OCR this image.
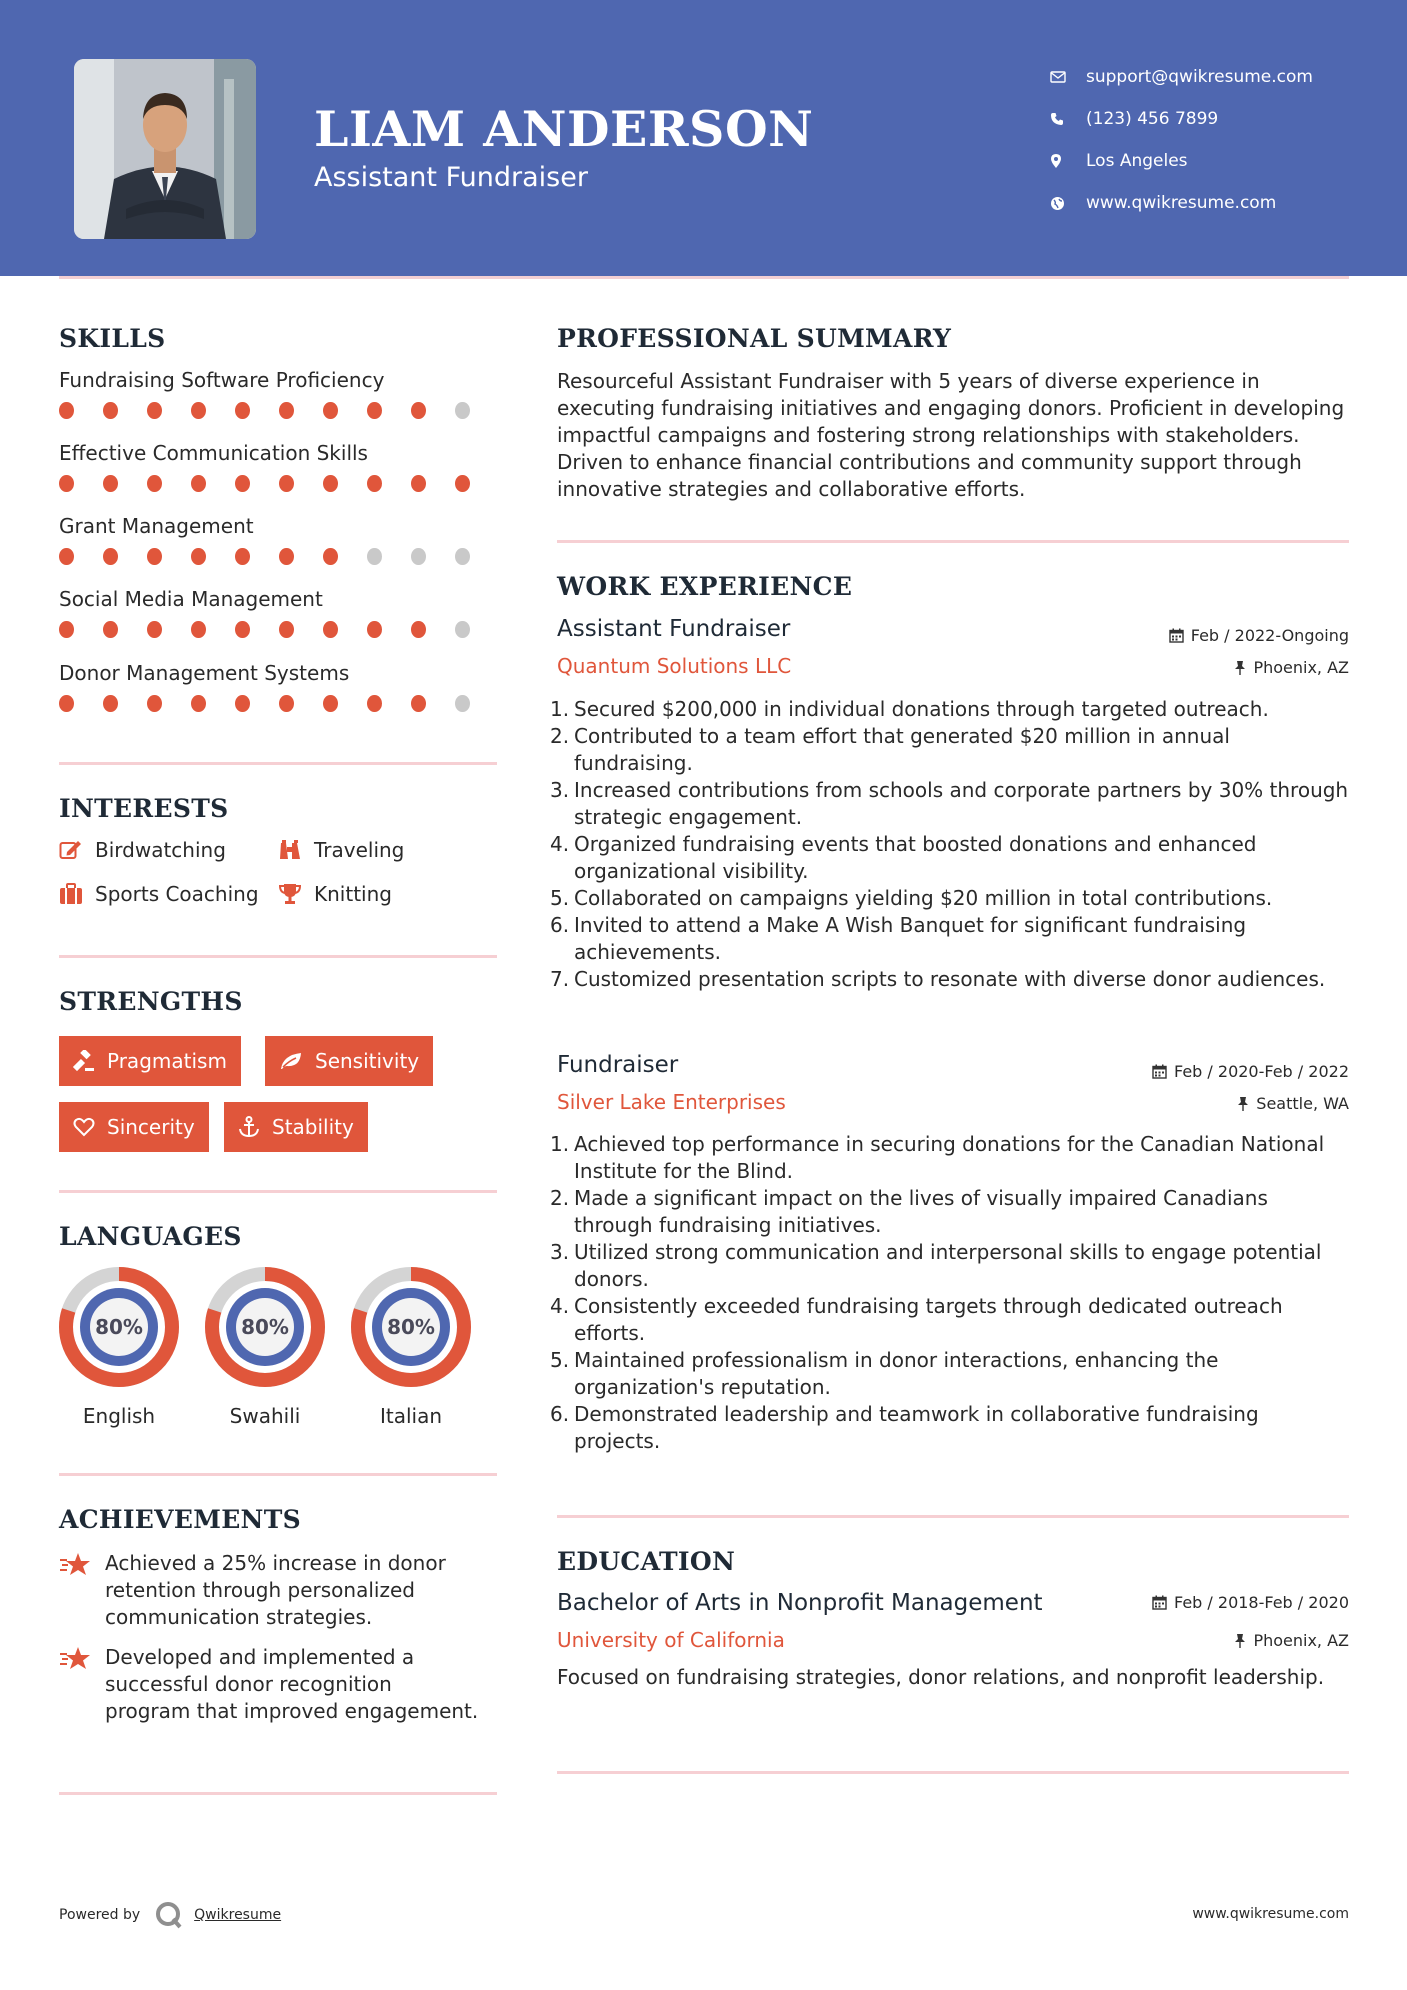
LIAM ANDERSON
Assistant Fundraiser
support@qwikresume.com
(123) 456 7899
Los Angeles
www.qwikresume.com
SKILLS
Fundraising Software Proficiency
Effective Communication Skills
Grant Management
Social Media Management
Donor Management Systems
INTERESTS
Birdwatching	Traveling
Sports Coaching	Knitting
STRENGTHS
Pragmatism	Sensitivity
Sincerity	Stability
LANGUAGES
80%
English
80%
Swahili
80%
Italian
ACHIEVEMENTS
Achieved a 25% increase in donor retention through personalized communication strategies.
Developed and implemented a successful donor recognition program that improved engagement.
PROFESSIONAL SUMMARY
Resourceful Assistant Fundraiser with 5 years of diverse experience in executing fundraising initiatives and engaging donors. Proficient in developing impactful campaigns and fostering strong relationships with stakeholders. Driven to enhance financial contributions and community support through innovative strategies and collaborative efforts.
WORK EXPERIENCE
Assistant Fundraiser	Feb / 2022-Ongoing
Quantum Solutions LLC	Phoenix, AZ
1.
Secured $200,000 in individual donations through targeted outreach.
2.
Contributed to a team effort that generated $20 million in annual fundraising.
3.
Increased contributions from schools and corporate partners by 30% through strategic engagement.
4.
Organized fundraising events that boosted donations and enhanced organizational visibility.
5.
Collaborated on campaigns yielding $20 million in total contributions.
6.
Invited to attend a Make A Wish Banquet for significant fundraising achievements.
7.
Customized presentation scripts to resonate with diverse donor audiences.
Fundraiser	Feb / 2020-Feb / 2022
Silver Lake Enterprises	Seattle, WA
1.
Achieved top performance in securing donations for the Canadian National Institute for the Blind.
2.
Made a significant impact on the lives of visually impaired Canadians through fundraising initiatives.
3.
Utilized strong communication and interpersonal skills to engage potential donors.
4.
Consistently exceeded fundraising targets through dedicated outreach efforts.
5.
Maintained professionalism in donor interactions, enhancing the organization's reputation.
6.
Demonstrated leadership and teamwork in collaborative fundraising projects.
EDUCATION
Bachelor of Arts in Nonprofit Management	Feb / 2018-Feb / 2020
University of California	Phoenix, AZ
Focused on fundraising strategies, donor relations, and nonprofit leadership.
Powered by	Qwikresume	www.qwikresume.com
